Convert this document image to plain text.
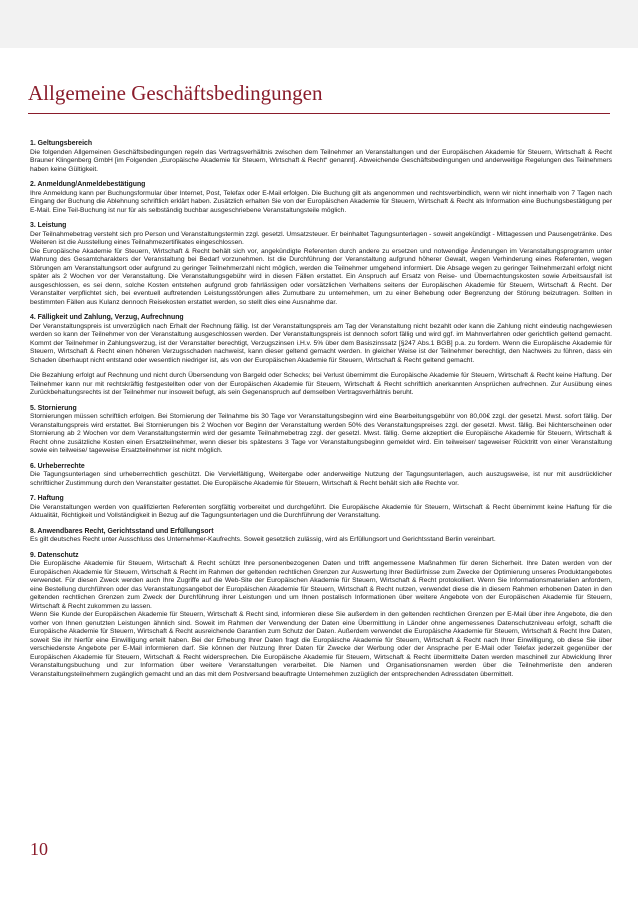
Allgemeine Geschäftsbedingungen
1. Geltungsbereich

Die folgenden Allgemeinen Geschäftsbedingungen regeln das Vertragsverhältnis zwischen dem Teilnehmer an Veranstaltungen und der Europäischen Akademie für Steuern, Wirtschaft & Recht Brauner Klingenberg GmbH [im Folgenden „Europäische Akademie für Steuern, Wirtschaft & Recht“ genannt]. Abweichende Geschäftsbedingungen und anderweitige Regelungen des Teilnehmers haben keine Gültigkeit.

2. Anmeldung/Anmeldebestätigung

Ihre Anmeldung kann per Buchungsformular über Internet, Post, Telefax oder E-Mail erfolgen. Die Buchung gilt als angenommen und rechtsverbindlich, wenn wir nicht innerhalb von 7 Tagen nach Eingang der Buchung die Ablehnung schriftlich erklärt haben. Zusätzlich erhalten Sie von der Europäischen Akademie für Steuern, Wirtschaft & Recht als Information eine Buchungsbestätigung per E-Mail. Eine Teil-Buchung ist nur für als selbständig buchbar ausgeschriebene Veranstaltungsteile möglich.

3. Leistung

Der Teilnahmebetrag versteht sich pro Person und Veranstaltungstermin zzgl. gesetzl. Umsatzsteuer. Er beinhaltet Tagungsunterlagen - soweit angekündigt - Mittagessen und Pausengetränke. Des Weiteren ist die Ausstellung eines Teilnahmezertifikates eingeschlossen.

Die Europäische Akademie für Steuern, Wirtschaft & Recht behält sich vor, angekündigte Referenten durch andere zu ersetzen und notwendige Änderungen im Veranstaltungsprogramm unter Wahrung des Gesamtcharakters der Veranstaltung bei Bedarf vorzunehmen. Ist die Durchführung der Veranstaltung aufgrund höherer Gewalt, wegen Verhinderung eines Referenten, wegen Störungen am Veranstaltungsort oder aufgrund zu geringer Teilnehmerzahl nicht möglich, werden die Teilnehmer umgehend informiert. Die Absage wegen zu geringer Teilnehmerzahl erfolgt nicht später als 2 Wochen vor der Veranstaltung. Die Veranstaltungsgebühr wird in diesen Fällen erstattet. Ein Anspruch auf Ersatz von Reise- und Übernachtungskosten sowie Arbeitsausfall ist ausgeschlossen, es sei denn, solche Kosten entstehen aufgrund grob fahrlässigen oder vorsätzlichen Verhaltens seitens der Europäischen Akademie für Steuern, Wirtschaft & Recht. Der Veranstalter verpflichtet sich, bei eventuell auftretenden Leistungsstörungen alles Zumutbare zu unternehmen, um zu einer Behebung oder Begrenzung der Störung beizutragen. Sollten in bestimmten Fällen aus Kulanz dennoch Reisekosten erstattet werden, so stellt dies eine Ausnahme dar.

4. Fälligkeit und Zahlung, Verzug, Aufrechnung

Der Veranstaltungspreis ist unverzüglich nach Erhalt der Rechnung fällig. Ist der Veranstaltungspreis am Tag der Veranstaltung nicht bezahlt oder kann die Zahlung nicht eindeutig nachgewiesen werden so kann der Teilnehmer von der Veranstaltung ausgeschlossen werden. Der Veranstaltungspreis ist dennoch sofort fällig und wird ggf. im Mahnverfahren oder gerichtlich geltend gemacht. Kommt der Teilnehmer in Zahlungsverzug, ist der Veranstalter berechtigt, Verzugszinsen i.H.v. 5% über dem Basiszinssatz [§247 Abs.1 BGB] p.a. zu fordern. Wenn die Europäische Akademie für Steuern, Wirtschaft & Recht einen höheren Verzugsschaden nachweist, kann dieser geltend gemacht werden. In gleicher Weise ist der Teilnehmer berechtigt, den Nachweis zu führen, dass ein Schaden überhaupt nicht entstand oder wesentlich niedriger ist, als von der Europäischen Akademie für Steuern, Wirtschaft & Recht geltend gemacht.

Die Bezahlung erfolgt auf Rechnung und nicht durch Übersendung von Bargeld oder Schecks; bei Verlust übernimmt die Europäische Akademie für Steuern, Wirtschaft & Recht keine Haftung. Der Teilnehmer kann nur mit rechtskräftig festgestellten oder von der Europäischen Akademie für Steuern, Wirtschaft & Recht schriftlich anerkannten Ansprüchen aufrechnen. Zur Ausübung eines Zurückbehaltungsrechts ist der Teilnehmer nur insoweit befugt, als sein Gegenanspruch auf demselben Vertragsverhältnis beruht.

5. Stornierung

Stornierungen müssen schriftlich erfolgen. Bei Stornierung der Teilnahme bis 30 Tage vor Veranstaltungsbeginn wird eine Bearbeitungsgebühr von 80,00€ zzgl. der gesetzl. Mwst. sofort fällig. Der Veranstaltungspreis wird erstattet. Bei Stornierungen bis 2 Wochen vor Beginn der Veranstaltung werden 50% des Veranstaltungspreises zzgl. der gesetzl. Mwst. fällig. Bei Nichterscheinen oder Stornierung ab 2 Wochen vor dem Veranstaltungstermin wird der gesamte Teilnahmebetrag zzgl. der gesetzl. Mwst. fällig. Gerne akzeptiert die Europäische Akademie für Steuern, Wirtschaft & Recht ohne zusätzliche Kosten einen Ersatzteilnehmer, wenn dieser bis spätestens 3 Tage vor Veranstaltungsbeginn gemeldet wird. Ein teilweiser/ tageweiser Rücktritt von einer Veranstaltung sowie ein teilweise/ tageweise Ersatzteilnehmer ist nicht möglich.

6. Urheberrechte

Die Tagungsunterlagen sind urheberrechtlich geschützt. Die Vervielfältigung, Weitergabe oder anderweitige Nutzung der Tagungsunterlagen, auch auszugsweise, ist nur mit ausdrücklicher schriftlicher Zustimmung durch den Veranstalter gestattet. Die Europäische Akademie für Steuern, Wirtschaft & Recht behält sich alle Rechte vor.

7. Haftung

Die Veranstaltungen werden von qualifizierten Referenten sorgfältig vorbereitet und durchgeführt. Die Europäische Akademie für Steuern, Wirtschaft & Recht übernimmt keine Haftung für die Aktualität, Richtigkeit und Vollständigkeit in Bezug auf die Tagungsunterlagen und die Durchführung der Veranstaltung.

8. Anwendbares Recht, Gerichtsstand und Erfüllungsort

Es gilt deutsches Recht unter Ausschluss des Unternehmer-Kaufrechts. Soweit gesetzlich zulässig, wird als Erfüllungsort und Gerichtsstand Berlin vereinbart.

9. Datenschutz

Die Europäische Akademie für Steuern, Wirtschaft & Recht schützt Ihre personenbezogenen Daten und trifft angemessene Maßnahmen für deren Sicherheit. Ihre Daten werden von der Europäischen Akademie für Steuern, Wirtschaft & Recht im Rahmen der geltenden rechtlichen Grenzen zur Auswertung Ihrer Bedürfnisse zum Zwecke der Optimierung unseres Produktangebotes verwendet. Für diesen Zweck werden auch Ihre Zugriffe auf die Web-Site der Europäischen Akademie für Steuern, Wirtschaft & Recht protokolliert. Wenn Sie Informationsmaterialien anfordern, eine Bestellung durchführen oder das Veranstaltungsangebot der Europäischen Akademie für Steuern, Wirtschaft & Recht nutzen, verwendet diese die in diesem Rahmen erhobenen Daten in den geltenden rechtlichen Grenzen zum Zweck der Durchführung ihrer Leistungen und um Ihnen postalisch Informationen über weitere Angebote von der Europäischen Akademie für Steuern, Wirtschaft & Recht zukommen zu lassen.

Wenn Sie Kunde der Europäischen Akademie für Steuern, Wirtschaft & Recht sind, informieren diese Sie außerdem in den geltenden rechtlichen Grenzen per E-Mail über ihre Angebote, die den vorher von Ihnen genutzten Leistungen ähnlich sind. Soweit im Rahmen der Verwendung der Daten eine Übermittlung in Länder ohne angemessenes Datenschutzniveau erfolgt, schafft die Europäische Akademie für Steuern, Wirtschaft & Recht ausreichende Garantien zum Schutz der Daten. Außerdem verwendet die Europäische Akademie für Steuern, Wirtschaft & Recht Ihre Daten, soweit Sie ihr hierfür eine Einwilligung erteilt haben. Bei der Erhebung Ihrer Daten fragt die Europäische Akademie für Steuern, Wirtschaft & Recht nach Ihrer Einwilligung, ob diese Sie über verschiedenste Angebote per E-Mail informieren darf. Sie können der Nutzung Ihrer Daten für Zwecke der Werbung oder der Ansprache per E-Mail oder Telefax jederzeit gegenüber der Europäischen Akademie für Steuern, Wirtschaft & Recht widersprechen. Die Europäische Akademie für Steuern, Wirtschaft & Recht übermittelte Daten werden maschinell zur Abwicklung Ihrer Veranstaltungsbuchung und zur Information über weitere Veranstaltungen verarbeitet. Die Namen und Organisationsnamen werden über die Teilnehmerliste den anderen Veranstaltungsteilnehmern zugänglich gemacht und an das mit dem Postversand beauftragte Unternehmen zuzüglich der entsprechenden Adressdaten übermittelt.

10
